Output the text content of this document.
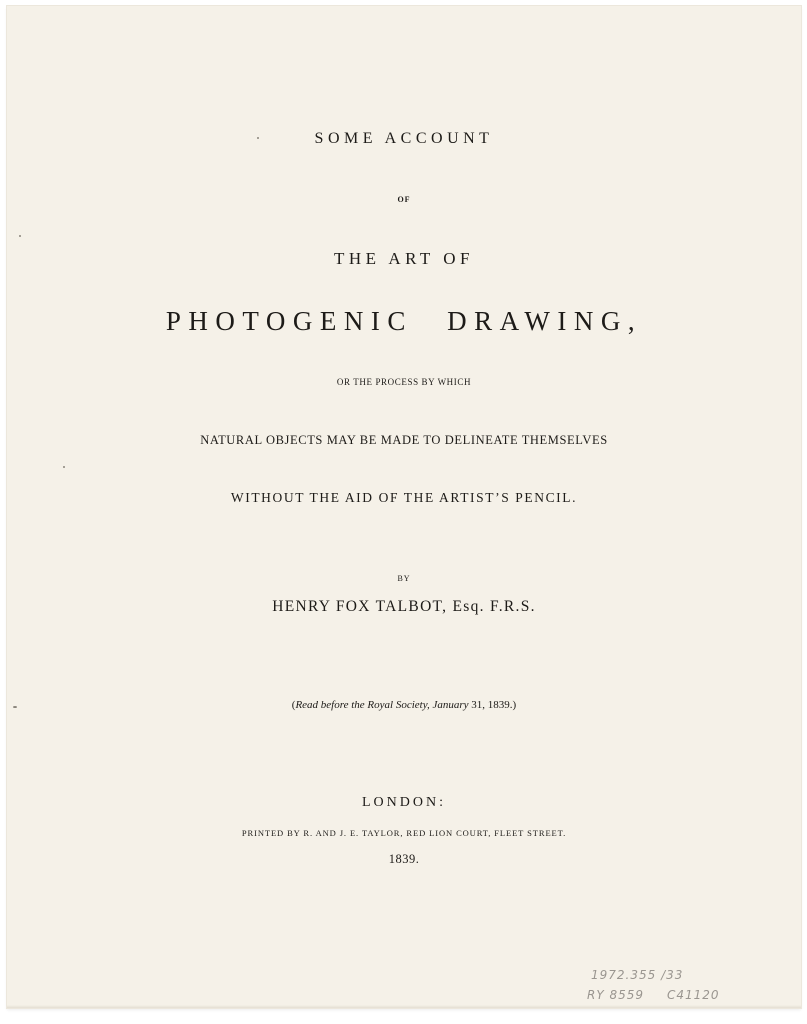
SOME ACCOUNT
OF
THE ART OF
PHOTOGENIC DRAWING,
OR THE PROCESS BY WHICH
NATURAL OBJECTS MAY BE MADE TO DELINEATE THEMSELVES
WITHOUT THE AID OF THE ARTIST’S PENCIL.
BY
HENRY FOX TALBOT, Esq. F.R.S.
(Read before the Royal Society, January 31, 1839.)
LONDON:
PRINTED BY R. AND J. E. TAYLOR, RED LION COURT, FLEET STREET.
1839.
1972.355 /33
RY 8559 C41120
